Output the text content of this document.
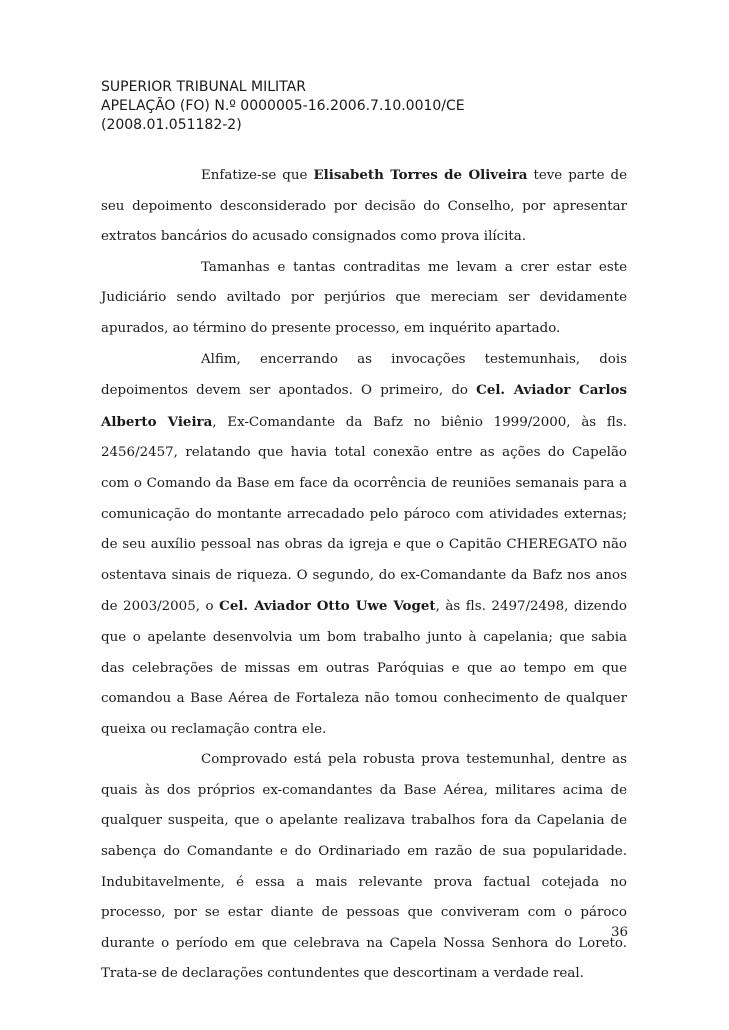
SUPERIOR TRIBUNAL MILITAR
APELAÇÃO (FO) N.º 0000005-16.2006.7.10.0010/CE
(2008.01.051182-2)

Enfatize-se que Elisabeth Torres de Oliveira teve parte de seu depoimento desconsiderado por decisão do Conselho, por apresentar extratos bancários do acusado consignados como prova ilícita.

Tamanhas e tantas contraditas me levam a crer estar este Judiciário sendo aviltado por perjúrios que mereciam ser devidamente apurados, ao término do presente processo, em inquérito apartado.

Alfim, encerrando as invocações testemunhais, dois depoimentos devem ser apontados. O primeiro, do Cel. Aviador Carlos Alberto Vieira, Ex-Comandante da Bafz no biênio 1999/2000, às fls. 2456/2457, relatando que havia total conexão entre as ações do Capelão com o Comando da Base em face da ocorrência de reuniões semanais para a comunicação do montante arrecadado pelo pároco com atividades externas; de seu auxílio pessoal nas obras da igreja e que o Capitão CHEREGATO não ostentava sinais de riqueza. O segundo, do ex-Comandante da Bafz nos anos de 2003/2005, o Cel. Aviador Otto Uwe Voget, às fls. 2497/2498, dizendo que o apelante desenvolvia um bom trabalho junto à capelania; que sabia das celebrações de missas em outras Paróquias e que ao tempo em que comandou a Base Aérea de Fortaleza não tomou conhecimento de qualquer queixa ou reclamação contra ele.

Comprovado está pela robusta prova testemunhal, dentre as quais às dos próprios ex-comandantes da Base Aérea, militares acima de qualquer suspeita, que o apelante realizava trabalhos fora da Capelania de sabença do Comandante e do Ordinariado em razão de sua popularidade. Indubitavelmente, é essa a mais relevante prova factual cotejada no processo, por se estar diante de pessoas que conviveram com o pároco durante o período em que celebrava na Capela Nossa Senhora do Loreto. Trata-se de declarações contundentes que descortinam a verdade real.

36
